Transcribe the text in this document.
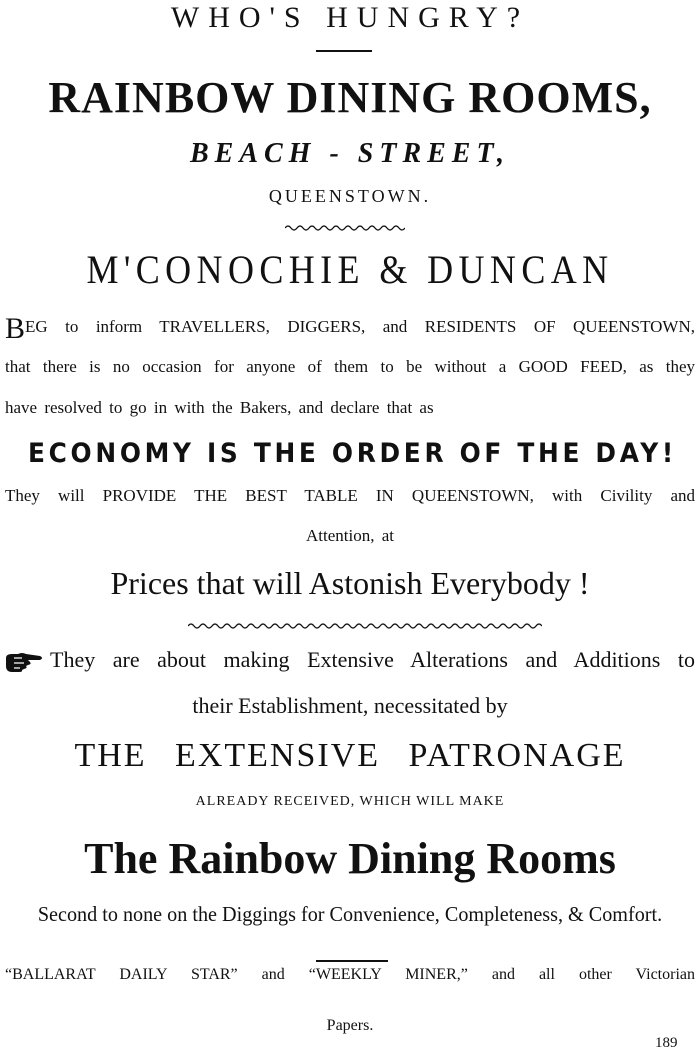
WHO'S HUNGRY?
RAINBOW DINING ROOMS,
BEACH - STREET,
QUEENSTOWN.
M'CONOCHIE & DUNCAN
BEG to inform TRAVELLERS, DIGGERS, and RESIDENTS OF QUEENSTOWN,
that there is no occasion for anyone of them to be without a GOOD FEED, as they
have resolved to go in with the Bakers, and declare that as
ECONOMY IS THE ORDER OF THE DAY!
They will PROVIDE THE BEST TABLE IN QUEENSTOWN, with Civility and
Attention, at
Prices that will Astonish Everybody !
They are about making Extensive Alterations and Additions to
their Establishment, necessitated by
THE EXTENSIVE PATRONAGE
ALREADY RECEIVED, WHICH WILL MAKE
The Rainbow Dining Rooms
Second to none on the Diggings for Convenience, Completeness, & Comfort.
“BALLARAT DAILY STAR” and “WEEKLY MINER,” and all other Victorian
Papers.
189
